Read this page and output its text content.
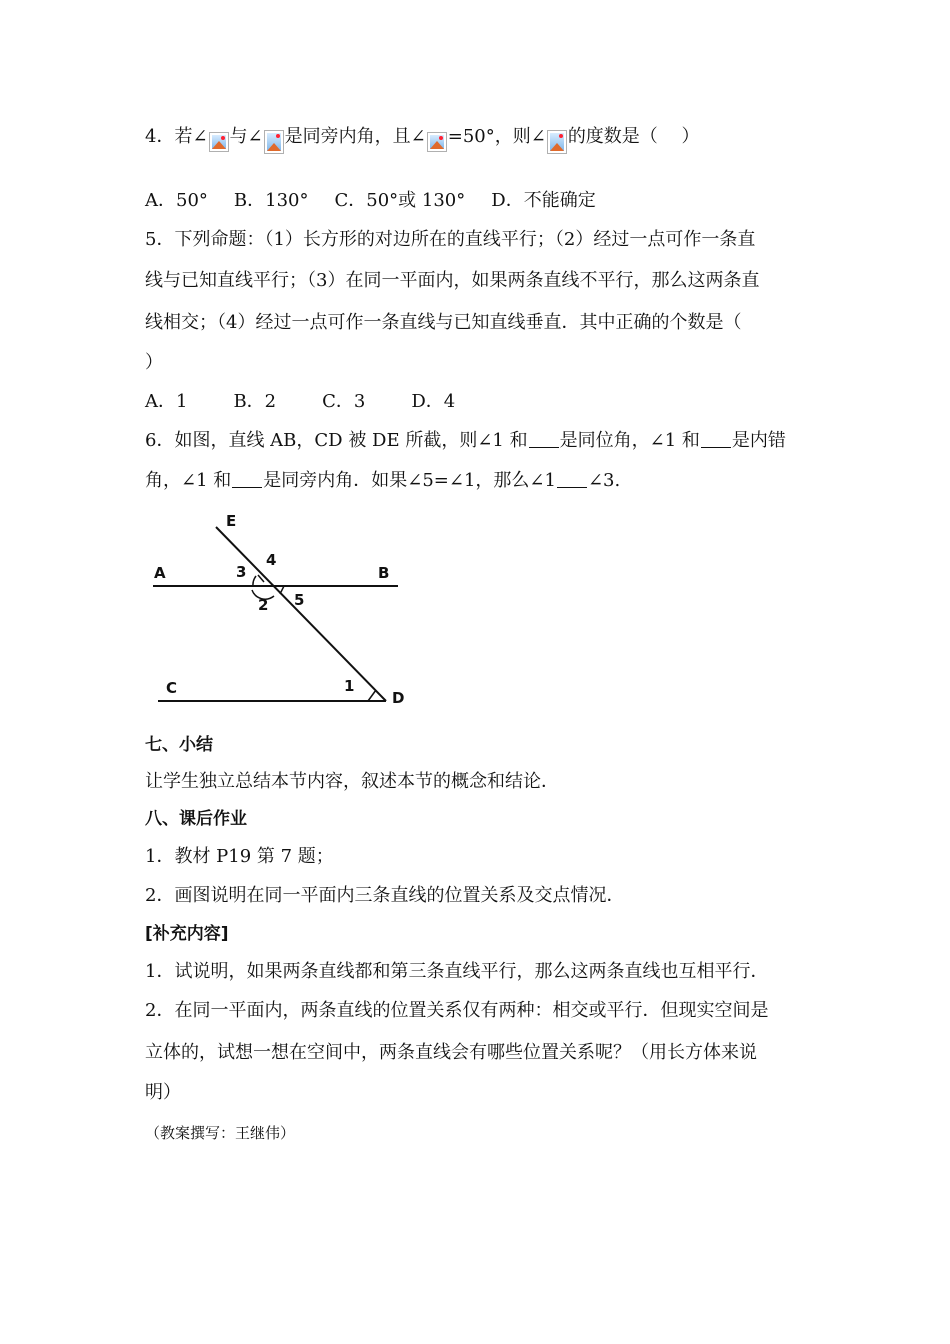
4．若∠ 与∠ 是同旁内角，且∠ =50°，则∠ 的度数是（　 ）
A．50° B．130° C．50°或 130° D．不能确定
5．下列命题：（1）长方形的对边所在的直线平行；（2）经过一点可作一条直
线与已知直线平行；（3）在同一平面内，如果两条直线不平行，那么这两条直
线相交；（4）经过一点可作一条直线与已知直线垂直．其中正确的个数是（
）
A．1	B．2	C．3	D．4
6．如图，直线 AB，CD 被 DE 所截，则∠1 和 是同位角，∠1 和 是内错
角，∠1 和 是同旁内角．如果∠5=∠1，那么∠1 ∠3.
E
A	B
C
D
1
2
3
4
5
七、小结
让学生独立总结本节内容，叙述本节的概念和结论．
八、课后作业
1．教材 P19 第 7 题；
2．画图说明在同一平面内三条直线的位置关系及交点情况．
[补充内容]
1．试说明，如果两条直线都和第三条直线平行，那么这两条直线也互相平行．
2．在同一平面内，两条直线的位置关系仅有两种：相交或平行．但现实空间是
立体的，试想一想在空间中，两条直线会有哪些位置关系呢？（用长方体来说
明）
（教案撰写：王继伟）
